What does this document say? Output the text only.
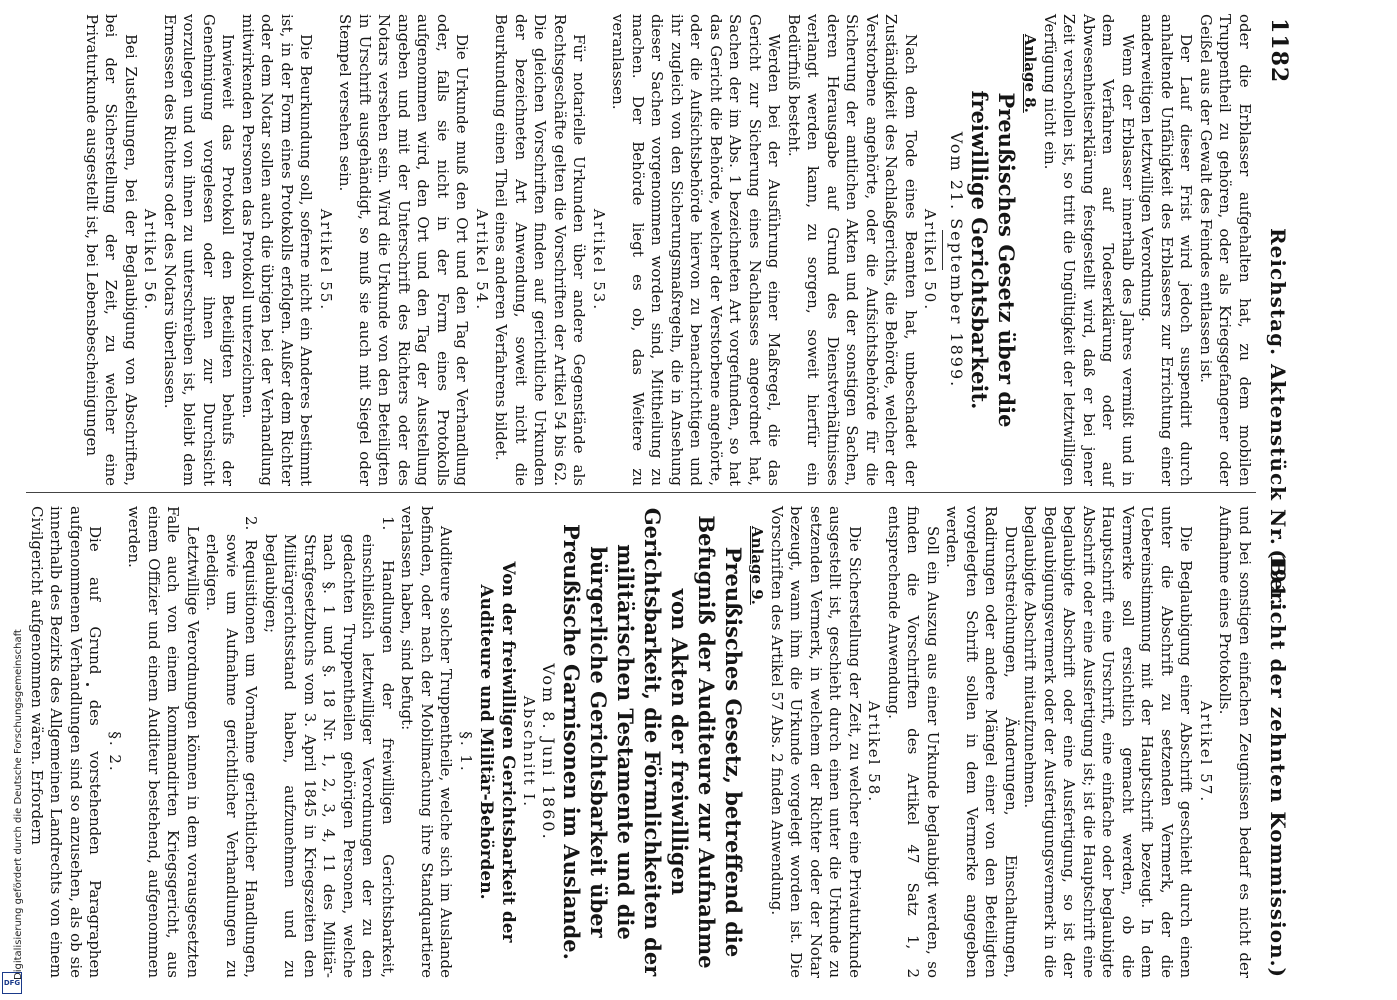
DFG
Digitalisierung gefördert durch die Deutsche Forschungsgemeinschaft
1182
Reichstag. Aktenstück Nr. 191.
(Bericht der zehnten Kommission.)

oder die Erblasser aufgehalten hat, zu dem mobilen Truppentheil zu gehören, oder als Kriegsgefangener oder Geißel aus der Gewalt des Feindes entlassen ist.

Der Lauf dieser Frist wird jedoch suspendirt durch anhaltende Unfähigkeit des Erblassers zur Errichtung einer anderweitigen letztwilligen Verordnung.

Wenn der Erblasser innerhalb des Jahres vermißt und in dem Verfahren auf Todeserklärung oder auf Abwesenheitserklärung festgestellt wird, daß er bei jener Zeit verschollen ist, so tritt die Ungültigkeit der letztwilligen Verfügung nicht ein.

Anlage 8.

Preußisches Gesetz über die freiwillige Gerichtsbarkeit.

Vom 21. September 1899.

Artikel 50.

Nach dem Tode eines Beamten hat, unbeschadet der Zuständigkeit des Nachlaßgerichts, die Behörde, welcher der Verstorbene angehörte, oder die Aufsichtsbehörde für die Sicherung der amtlichen Akten und der sonstigen Sachen, deren Herausgabe auf Grund des Dienstverhältnisses verlangt werden kann, zu sorgen, soweit hierfür ein Bedürfniß besteht.

Werden bei der Ausführung einer Maßregel, die das Gericht zur Sicherung eines Nachlasses angeordnet hat, Sachen der im Abs. 1 bezeichneten Art vorgefunden, so hat das Gericht die Behörde, welcher der Verstorbene angehörte, oder die Aufsichtsbehörde hiervon zu benachrichtigen und ihr zugleich von den Sicherungsmaßregeln, die in Ansehung dieser Sachen vorgenommen worden sind, Mittheilung zu machen. Der Behörde liegt es ob, das Weitere zu veranlassen.

Artikel 53.

Für notarielle Urkunden über andere Gegenstände als Rechtsgeschäfte gelten die Vorschriften der Artikel 54 bis 62. Die gleichen Vorschriften finden auf gerichtliche Urkunden der bezeichneten Art Anwendung, soweit nicht die Beurkundung einen Theil eines anderen Verfahrens bildet.

Artikel 54.

Die Urkunde muß den Ort und den Tag der Verhandlung oder, falls sie nicht in der Form eines Protokolls aufgenommen wird, den Ort und den Tag der Ausstellung angeben und mit der Unterschrift des Richters oder des Notars versehen sein. Wird die Urkunde von den Beteiligten in Urschrift ausgehändigt, so muß sie auch mit Siegel oder Stempel versehen sein.

Artikel 55.

Die Beurkundung soll, soferne nicht ein Anderes bestimmt ist, in der Form eines Protokolls erfolgen. Außer dem Richter oder dem Notar sollen auch die übrigen bei der Verhandlung mitwirkenden Personen das Protokoll unterzeichnen.

Inwieweit das Protokoll den Beteiligten behufs der Genehmigung vorgelesen oder ihnen zur Durchsicht vorzulegen und von ihnen zu unterschreiben ist, bleibt dem Ermessen des Richters oder des Notars überlassen.

Artikel 56.

Bei Zustellungen, bei der Beglaubigung von Abschriften, bei der Sicherstellung der Zeit, zu welcher eine Privaturkunde ausgestellt ist, bei Lebensbescheinigungen

und bei sonstigen einfachen Zeugnissen bedarf es nicht der Aufnahme eines Protokolls.

Artikel 57.

Die Beglaubigung einer Abschrift geschieht durch einen unter die Abschrift zu setzenden Vermerk, der die Uebereinstimmung mit der Hauptschrift bezeugt. In dem Vermerke soll ersichtlich gemacht werden, ob die Hauptschrift eine Urschrift, eine einfache oder beglaubigte Abschrift oder eine Ausfertigung ist; ist die Hauptschrift eine beglaubigte Abschrift oder eine Ausfertigung, so ist der Beglaubigungsvermerk oder der Ausfertigungsvermerk in die beglaubigte Abschrift mitaufzunehmen.

Durchstreichungen, Änderungen, Einschaltungen, Radirungen oder andere Mängel einer von den Beteiligten vorgelegten Schrift sollen in dem Vermerke angegeben werden.

Soll ein Auszug aus einer Urkunde beglaubigt werden, so finden die Vorschriften des Artikel 47 Satz 1, 2 entsprechende Anwendung.

Artikel 58.

Die Sicherstellung der Zeit, zu welcher eine Privaturkunde ausgestellt ist, geschieht durch einen unter die Urkunde zu setzenden Vermerk, in welchem der Richter oder der Notar bezeugt, wann ihm die Urkunde vorgelegt worden ist. Die Vorschriften des Artikel 57 Abs. 2 finden Anwendung.

Anlage 9.

Preußisches Gesetz, betreffend die Befugniß der Auditeure zur Aufnahme von Akten der freiwilligen Gerichtsbarkeit, die Förmlichkeiten der militärischen Testamente und die bürgerliche Gerichtsbarkeit über Preußische Garnisonen im Auslande.

Vom 8. Juni 1860.

Abschnitt I.

Von der freiwilligen Gerichtsbarkeit der Auditeure und Militär-Behörden.

§. 1.

Auditeure solcher Truppentheile, welche sich im Auslande befinden, oder nach der Mobilmachung ihre Standquartiere verlassen haben, sind befugt:

1. Handlungen der freiwilligen Gerichtsbarkeit, einschließlich letztwilliger Verordnungen der zu den gedachten Truppentheilen gehörigen Personen, welche nach §. 1 und §. 18 Nr. 1, 2, 3, 4, 11 des Militär-Strafgesetzbuchs vom 3. April 1845 in Kriegszeiten den Militärgerichtsstand haben, aufzunehmen und zu beglaubigen;

2. Requisitionen um Vornahme gerichtlicher Handlungen, sowie um Aufnahme gerichtlicher Verhandlungen zu erledigen.

Letztwillige Verordnungen können in dem vorausgesetzten Falle auch von einem kommandirten Kriegsgericht, aus einem Offizier und einem Auditeur bestehend, aufgenommen werden.

§. 2.

Die auf Grund des vorstehenden Paragraphen aufgenommenen Verhandlungen sind so anzusehen, als ob sie innerhalb des Bezirks des Allgemeinen Landrechts von einem Civilgericht aufgenommen wären. Erfordern
